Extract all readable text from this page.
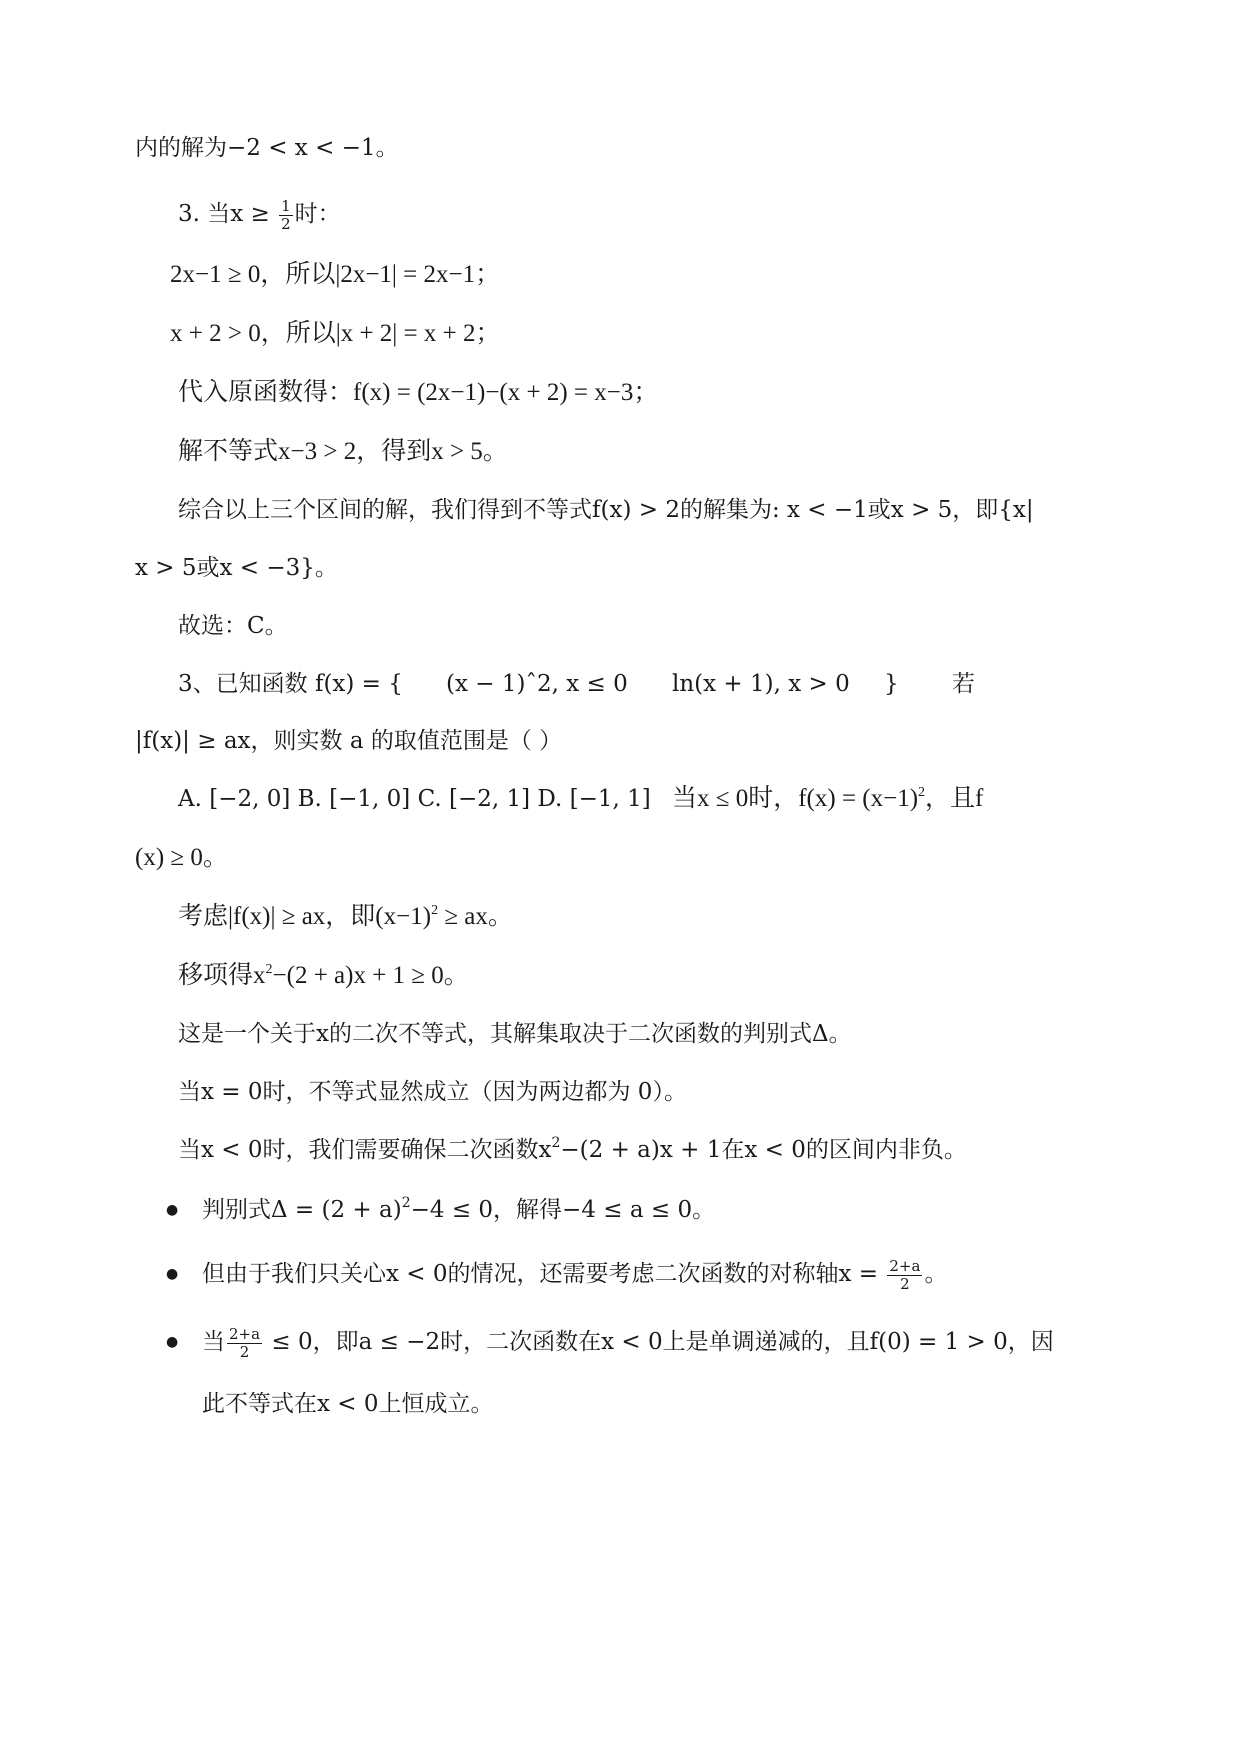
内的解为−2 < x < −1。
3. 当$x \ge \frac{1}{2}$ 时：
2x−1 ≥ 0，所以|2x−1| = 2x−1；
x + 2 > 0，所以|x + 2| = x + 2；
代入原函数得：f(x) = (2x−1)−(x + 2) = x−3；
解不等式x−3 > 2，得到x > 5。
综合以上三个区间的解，我们得到不等式f(x) > 2的解集为: x < −1或x > 5，即{x|
x > 5或x < −3}。
故选：C。
3、已知函数 f(x) = { (x − 1)ˆ2, x ≤ 0 ln(x + 1), x > 0 } 若
|f(x)| ≥ ax，则实数 a 的取值范围是（ ）
A. [−2, 0] B. [−1, 0] C. [−2, 1] D. [−1, 1] 当x ≤ 0时，$f(x) = (x-1)^2$，且f
(x) ≥ 0。
考虑|f(x)| ≥ ax，即$(x-1)^2$ ≥ ax。
移项得$x^2-(2 + a)x + 1 \ge 0$。
这是一个关于x的二次不等式，其解集取决于二次函数的判别式Δ。
当x = 0时，不等式显然成立（因为两边都为 0）。
当x < 0时，我们需要确保二次函数$x^2-(2 + a)x + 1$在x < 0的区间内非负。
● 判别式$\Delta = (2 + a)^2-4 \le 0$，解得−4 ≤ a ≤ 0。
● 但由于我们只关心x < 0的情况，还需要考虑二次函数的对称轴$x = \frac{2+a}{2}$ 。
● 当 $\frac{2+a}{2} \le 0$，即a ≤ −2时，二次函数在x < 0上是单调递减的，且f(0) = 1 > 0，因
此不等式在x < 0上恒成立。
